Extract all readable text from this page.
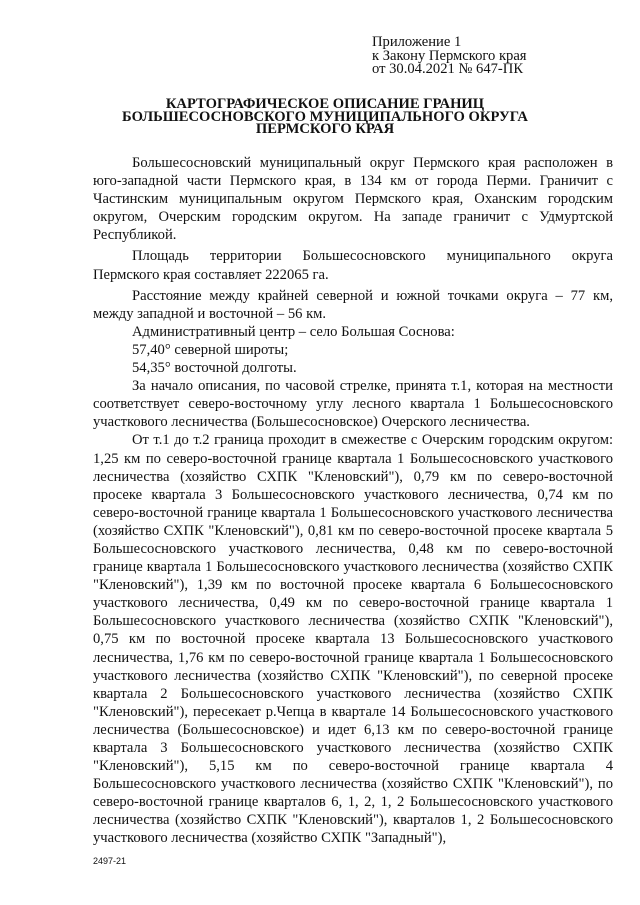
Приложение 1
к Закону Пермского края
от 30.04.2021 № 647-ПК
КАРТОГРАФИЧЕСКОЕ ОПИСАНИЕ ГРАНИЦ
БОЛЬШЕСОСНОВСКОГО МУНИЦИПАЛЬНОГО ОКРУГА
ПЕРМСКОГО КРАЯ

Большесосновский муниципальный округ Пермского края расположен в юго-западной части Пермского края, в 134 км от города Перми. Граничит с Частинским муниципальным округом Пермского края, Оханским городским округом, Очерским городским округом. На западе граничит с Удмуртской Республикой.

Площадь территории Большесосновского муниципального округа Пермского края составляет 222065 га.

Расстояние между крайней северной и южной точками округа – 77 км, между западной и восточной – 56 км.

Административный центр – село Большая Соснова:

57,40° северной широты;

54,35° восточной долготы.

За начало описания, по часовой стрелке, принята т.1, которая на местности соответствует северо-восточному углу лесного квартала 1 Большесосновского участкового лесничества (Большесосновское) Очерского лесничества.

От т.1 до т.2 граница проходит в смежестве с Очерским городским округом: 1,25 км по северо-восточной границе квартала 1 Большесосновского участкового лесничества (хозяйство СХПК "Кленовский"), 0,79 км по северо-восточной просеке квартала 3 Большесосновского участкового лесничества, 0,74 км по северо-восточной границе квартала 1 Большесосновского участкового лесничества (хозяйство СХПК "Кленовский"), 0,81 км по северо-восточной просеке квартала 5 Большесосновского участкового лесничества, 0,48 км по северо-восточной границе квартала 1 Большесосновского участкового лесничества (хозяйство СХПК "Кленовский"), 1,39 км по восточной просеке квартала 6 Большесосновского участкового лесничества, 0,49 км по северо-восточной границе квартала 1 Большесосновского участкового лесничества (хозяйство СХПК "Кленовский"), 0,75 км по восточной просеке квартала 13 Большесосновского участкового лесничества, 1,76 км по северо-восточной границе квартала 1 Большесосновского участкового лесничества (хозяйство СХПК "Кленовский"), по северной просеке квартала 2 Большесосновского участкового лесничества (хозяйство СХПК "Кленовский"), пересекает р.Чепца в квартале 14 Большесосновского участкового лесничества (Большесосновское) и идет 6,13 км по северо-восточной границе квартала 3 Большесосновского участкового лесничества (хозяйство СХПК "Кленовский"), 5,15 км по северо-восточной границе квартала 4 Большесосновского участкового лесничества (хозяйство СХПК "Кленовский"), по северо-восточной границе кварталов 6, 1, 2, 1, 2 Большесосновского участкового лесничества (хозяйство СХПК "Кленовский"), кварталов 1, 2 Большесосновского участкового лесничества (хозяйство СХПК "Западный"),

2497-21
